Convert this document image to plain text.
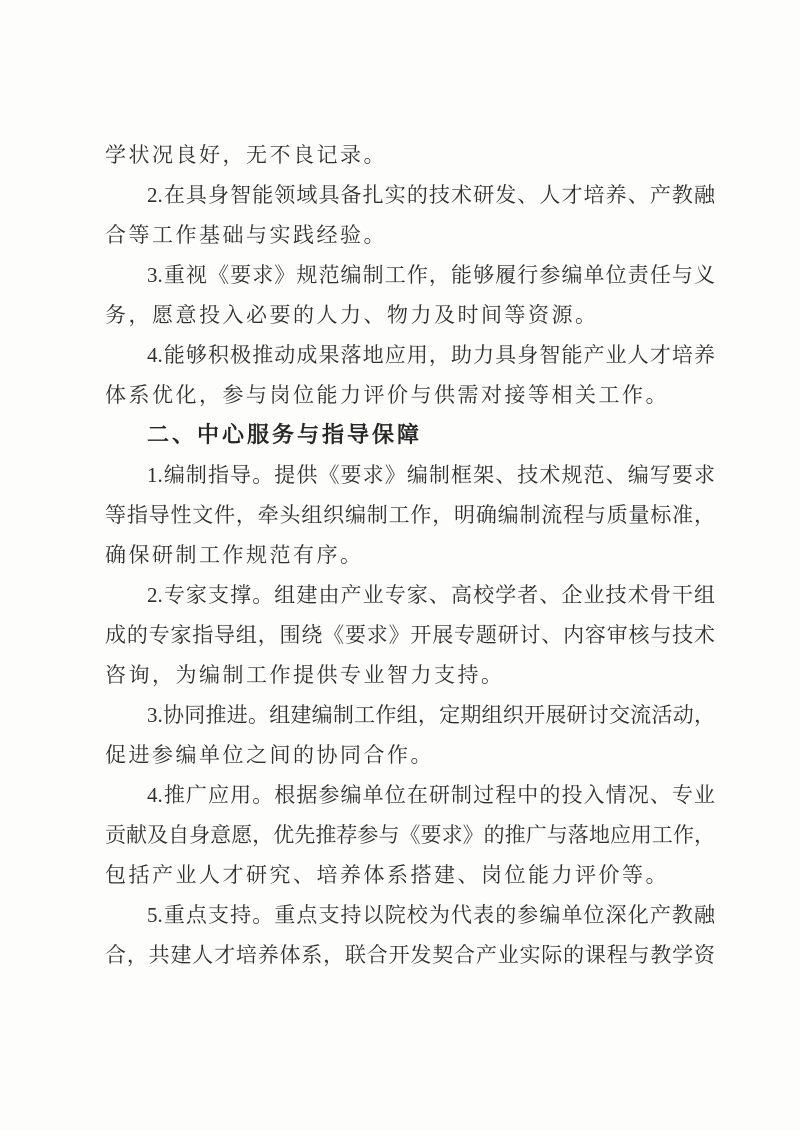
学状况良好，无不良记录。
2.在具身智能领域具备扎实的技术研发、人才培养、产教融
合等工作基础与实践经验。
3.重视《要求》规范编制工作，能够履行参编单位责任与义
务，愿意投入必要的人力、物力及时间等资源。
4.能够积极推动成果落地应用，助力具身智能产业人才培养
体系优化，参与岗位能力评价与供需对接等相关工作。
二、中心服务与指导保障
1.编制指导。提供《要求》编制框架、技术规范、编写要求
等指导性文件，牵头组织编制工作，明确编制流程与质量标准，
确保研制工作规范有序。
2.专家支撑。组建由产业专家、高校学者、企业技术骨干组
成的专家指导组，围绕《要求》开展专题研讨、内容审核与技术
咨询，为编制工作提供专业智力支持。
3.协同推进。组建编制工作组，定期组织开展研讨交流活动，
促进参编单位之间的协同合作。
4.推广应用。根据参编单位在研制过程中的投入情况、专业
贡献及自身意愿，优先推荐参与《要求》的推广与落地应用工作，
包括产业人才研究、培养体系搭建、岗位能力评价等。
5.重点支持。重点支持以院校为代表的参编单位深化产教融
合，共建人才培养体系，联合开发契合产业实际的课程与教学资
